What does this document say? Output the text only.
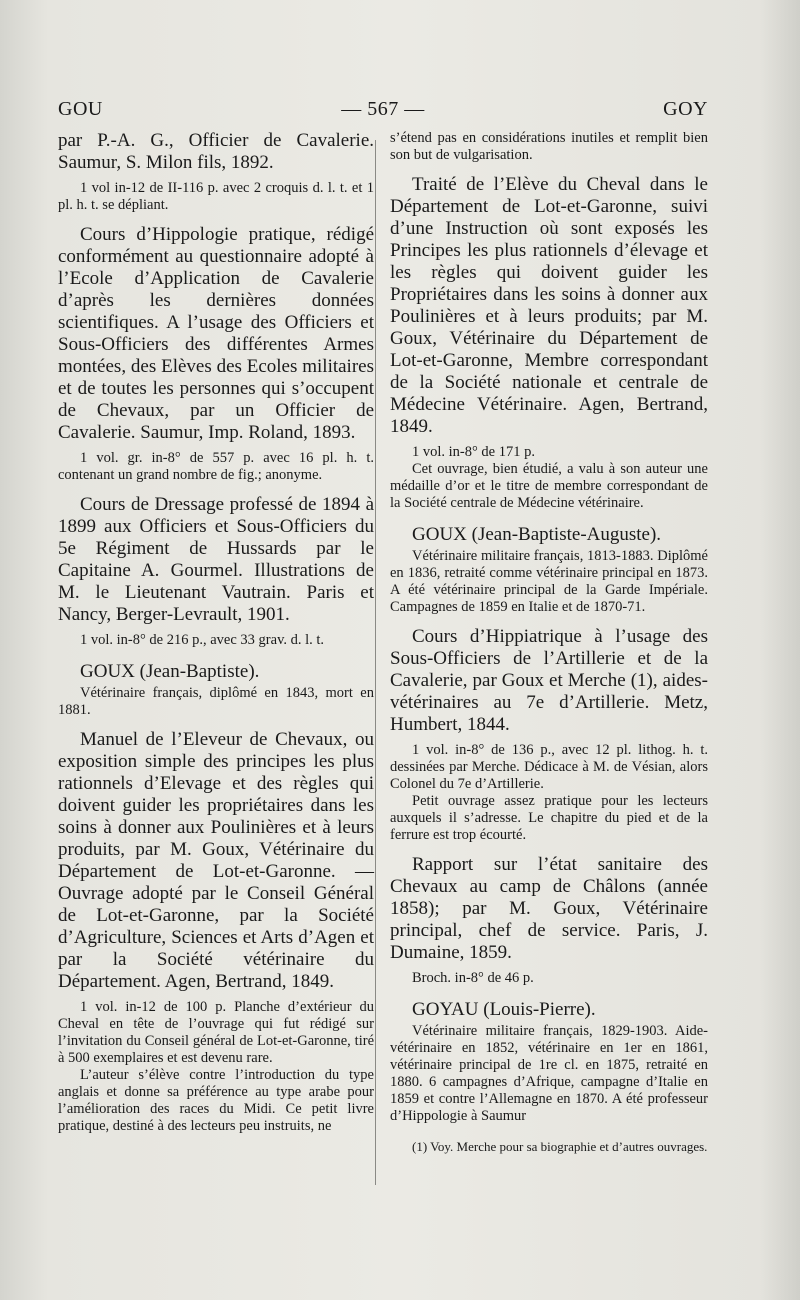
GOU	— 567 —	GOY

par P.-A. G., Officier de Cavalerie. Saumur, S. Milon fils, 1892.

1 vol in-12 de II-116 p. avec 2 croquis d. l. t. et 1 pl. h. t. se dépliant.

Cours d’Hippologie pratique, rédigé conformément au questionnaire adopté à l’Ecole d’Application de Cavalerie d’après les dernières données scientifiques. A l’usage des Officiers et Sous-Officiers des différentes Armes montées, des Elèves des Ecoles militaires et de toutes les personnes qui s’occupent de Chevaux, par un Officier de Cavalerie. Saumur, Imp. Roland, 1893.

1 vol. gr. in-8° de 557 p. avec 16 pl. h. t. contenant un grand nombre de fig.; anonyme.

Cours de Dressage professé de 1894 à 1899 aux Officiers et Sous-Officiers du 5e Régiment de Hussards par le Capitaine A. Gourmel. Illustrations de M. le Lieutenant Vautrain. Paris et Nancy, Berger-Levrault, 1901.

1 vol. in-8° de 216 p., avec 33 grav. d. l. t.

GOUX (Jean-Baptiste).

Vétérinaire français, diplômé en 1843, mort en 1881.

Manuel de l’Eleveur de Chevaux, ou exposition simple des principes les plus rationnels d’Elevage et des règles qui doivent guider les propriétaires dans les soins à donner aux Poulinières et à leurs produits, par M. Goux, Vétérinaire du Département de Lot-et-Garonne. — Ouvrage adopté par le Conseil Général de Lot-et-Garonne, par la Société d’Agriculture, Sciences et Arts d’Agen et par la Société vétérinaire du Département. Agen, Bertrand, 1849.

1 vol. in-12 de 100 p. Planche d’extérieur du Cheval en tête de l’ouvrage qui fut rédigé sur l’invitation du Conseil général de Lot-et-Garonne, tiré à 500 exemplaires et est devenu rare.

L’auteur s’élève contre l’introduction du type anglais et donne sa préférence au type arabe pour l’amélioration des races du Midi. Ce petit livre pratique, destiné à des lecteurs peu instruits, ne

s’étend pas en considérations inutiles et remplit bien son but de vulgarisation.

Traité de l’Elève du Cheval dans le Département de Lot-et-Garonne, suivi d’une Instruction où sont exposés les Principes les plus rationnels d’élevage et les règles qui doivent guider les Propriétaires dans les soins à donner aux Poulinières et à leurs produits; par M. Goux, Vétérinaire du Département de Lot-et-Garonne, Membre correspondant de la Société nationale et centrale de Médecine Vétérinaire. Agen, Bertrand, 1849.

1 vol. in-8° de 171 p.

Cet ouvrage, bien étudié, a valu à son auteur une médaille d’or et le titre de membre correspondant de la Société centrale de Médecine vétérinaire.

GOUX (Jean-Baptiste-Auguste).

Vétérinaire militaire français, 1813-1883. Diplômé en 1836, retraité comme vétérinaire principal en 1873. A été vétérinaire principal de la Garde Impériale. Campagnes de 1859 en Italie et de 1870-71.

Cours d’Hippiatrique à l’usage des Sous-Officiers de l’Artillerie et de la Cavalerie, par Goux et Merche (1), aides-vétérinaires au 7e d’Artillerie. Metz, Humbert, 1844.

1 vol. in-8° de 136 p., avec 12 pl. lithog. h. t. dessinées par Merche. Dédicace à M. de Vésian, alors Colonel du 7e d’Artillerie.

Petit ouvrage assez pratique pour les lecteurs auxquels il s’adresse. Le chapitre du pied et de la ferrure est trop écourté.

Rapport sur l’état sanitaire des Chevaux au camp de Châlons (année 1858); par M. Goux, Vétérinaire principal, chef de service. Paris, J. Dumaine, 1859.

Broch. in-8° de 46 p.

GOYAU (Louis-Pierre).

Vétérinaire militaire français, 1829-1903. Aide-vétérinaire en 1852, vétérinaire en 1er en 1861, vétérinaire principal de 1re cl. en 1875, retraité en 1880. 6 campagnes d’Afrique, campagne d’Italie en 1859 et contre l’Allemagne en 1870. A été professeur d’Hippologie à Saumur

(1) Voy. Merche pour sa biographie et d’autres ouvrages.
